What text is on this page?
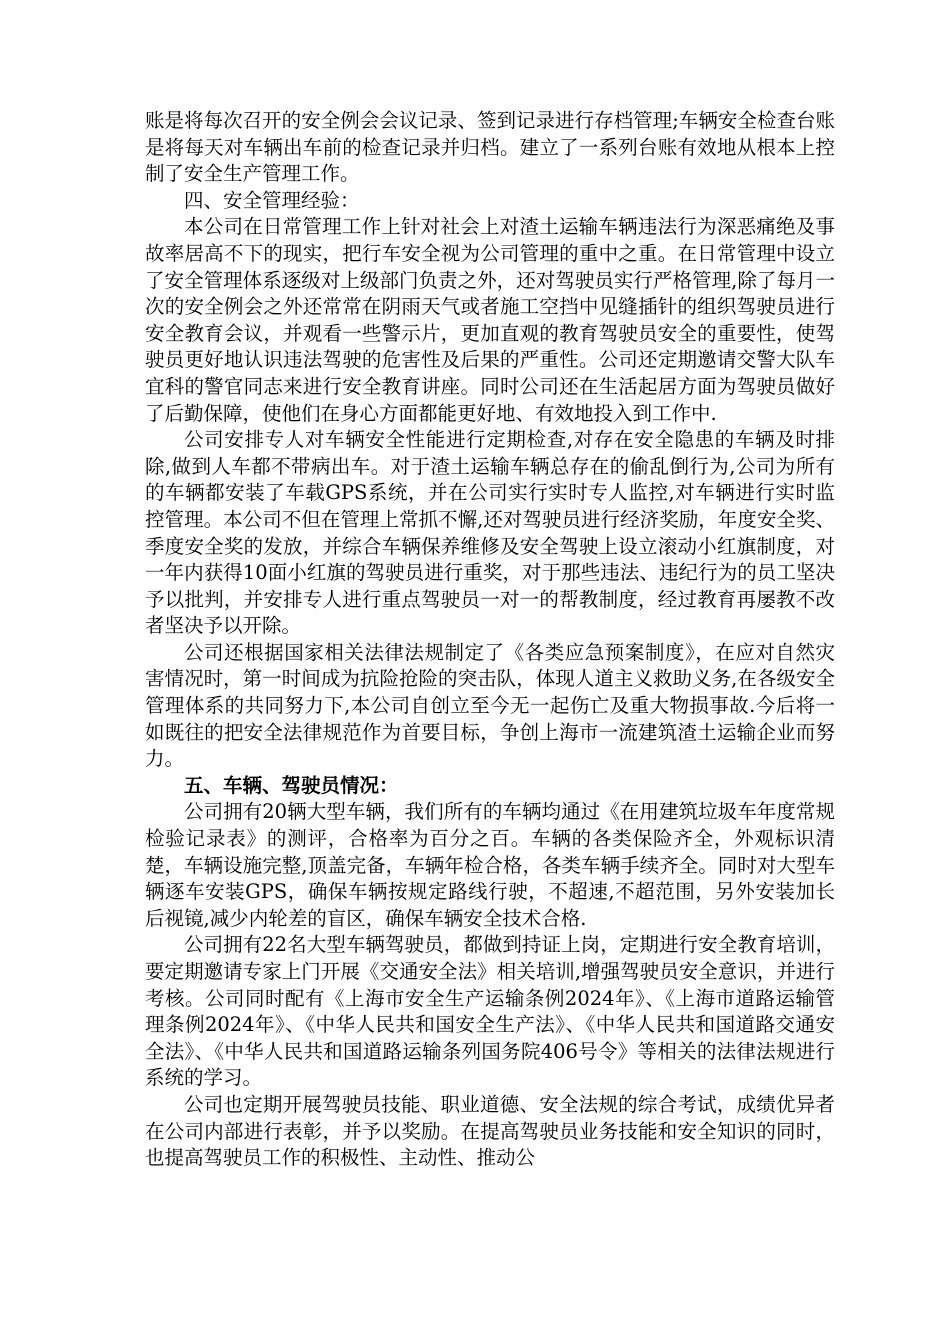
账是将每次召开的安全例会会议记录、签到记录进行存档管理;车辆安全检查台账是将每天对车辆出车前的检查记录并归档。建立了一系列台账有效地从根本上控制了安全生产管理工作。

四、安全管理经验：

本公司在日常管理工作上针对社会上对渣土运输车辆违法行为深恶痛绝及事故率居高不下的现实，把行车安全视为公司管理的重中之重。在日常管理中设立了安全管理体系逐级对上级部门负责之外，还对驾驶员实行严格管理,除了每月一次的安全例会之外还常常在阴雨天气或者施工空挡中见缝插针的组织驾驶员进行安全教育会议，并观看一些警示片，更加直观的教育驾驶员安全的重要性，使驾驶员更好地认识违法驾驶的危害性及后果的严重性。公司还定期邀请交警大队车宜科的警官同志来进行安全教育讲座。同时公司还在生活起居方面为驾驶员做好了后勤保障，使他们在身心方面都能更好地、有效地投入到工作中.

公司安排专人对车辆安全性能进行定期检查,对存在安全隐患的车辆及时排除,做到人车都不带病出车。对于渣土运输车辆总存在的偷乱倒行为,公司为所有的车辆都安装了车载GPS系统，并在公司实行实时专人监控,对车辆进行实时监控管理。本公司不但在管理上常抓不懈,还对驾驶员进行经济奖励，年度安全奖、季度安全奖的发放，并综合车辆保养维修及安全驾驶上设立滚动小红旗制度，对一年内获得10面小红旗的驾驶员进行重奖，对于那些违法、违纪行为的员工坚决予以批判，并安排专人进行重点驾驶员一对一的帮教制度，经过教育再屡教不改者坚决予以开除。

公司还根据国家相关法律法规制定了《各类应急预案制度》，在应对自然灾害情况时，第一时间成为抗险抢险的突击队，体现人道主义救助义务,在各级安全管理体系的共同努力下,本公司自创立至今无一起伤亡及重大物损事故.今后将一如既往的把安全法律规范作为首要目标，争创上海市一流建筑渣土运输企业而努力。

五、车辆、驾驶员情况：

公司拥有20辆大型车辆，我们所有的车辆均通过《在用建筑垃圾车年度常规检验记录表》的测评，合格率为百分之百。车辆的各类保险齐全，外观标识清楚，车辆设施完整,顶盖完备，车辆年检合格，各类车辆手续齐全。同时对大型车辆逐车安装GPS，确保车辆按规定路线行驶，不超速,不超范围，另外安装加长后视镜,减少内轮差的盲区，确保车辆安全技术合格.

公司拥有22名大型车辆驾驶员，都做到持证上岗，定期进行安全教育培训，要定期邀请专家上门开展《交通安全法》相关培训,增强驾驶员安全意识，并进行考核。公司同时配有《上海市安全生产运输条例2024年》、《上海市道路运输管理条例2024年》、《中华人民共和国安全生产法》、《中华人民共和国道路交通安全法》、《中华人民共和国道路运输条列国务院406号令》等相关的法律法规进行系统的学习。

公司也定期开展驾驶员技能、职业道德、安全法规的综合考试，成绩优异者在公司内部进行表彰，并予以奖励。在提高驾驶员业务技能和安全知识的同时，也提高驾驶员工作的积极性、主动性、推动公
